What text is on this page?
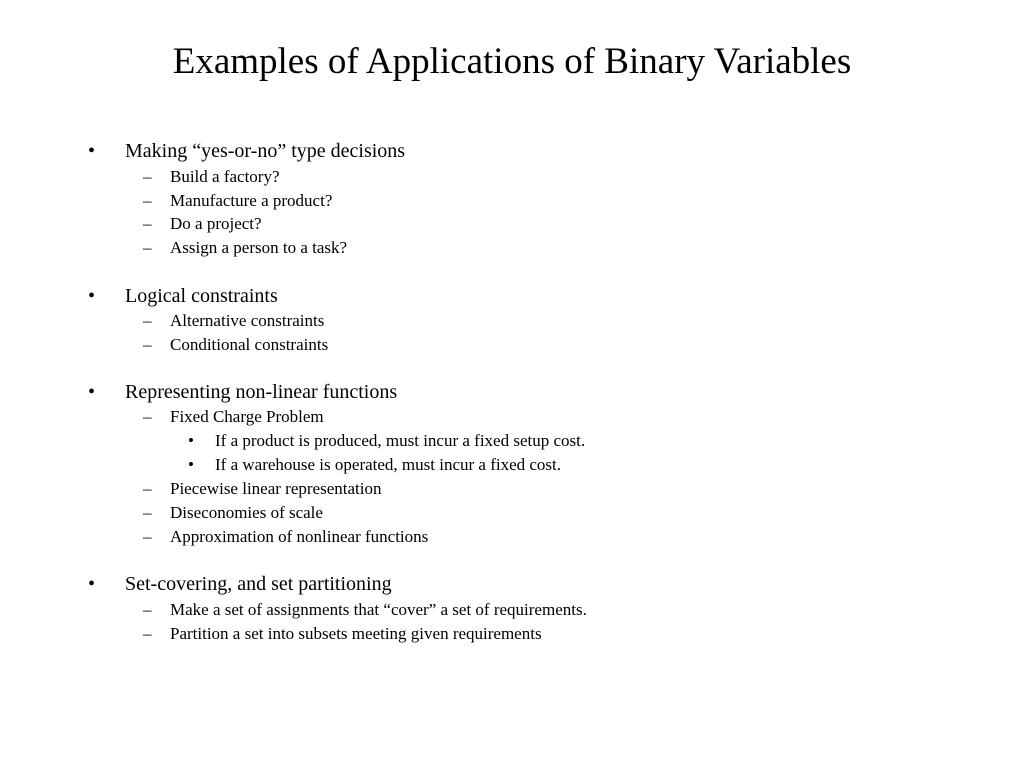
Examples of Applications of Binary Variables
• Making “yes-or-no” type decisions
– Build a factory?
– Manufacture a product?
– Do a project?
– Assign a person to a task?
• Logical constraints
– Alternative constraints
– Conditional constraints
• Representing non-linear functions
– Fixed Charge Problem
• If a product is produced, must incur a fixed setup cost.
• If a warehouse is operated, must incur a fixed cost.
– Piecewise linear representation
– Diseconomies of scale
– Approximation of nonlinear functions
• Set-covering, and set partitioning
– Make a set of assignments that “cover” a set of requirements.
– Partition a set into subsets meeting given requirements
